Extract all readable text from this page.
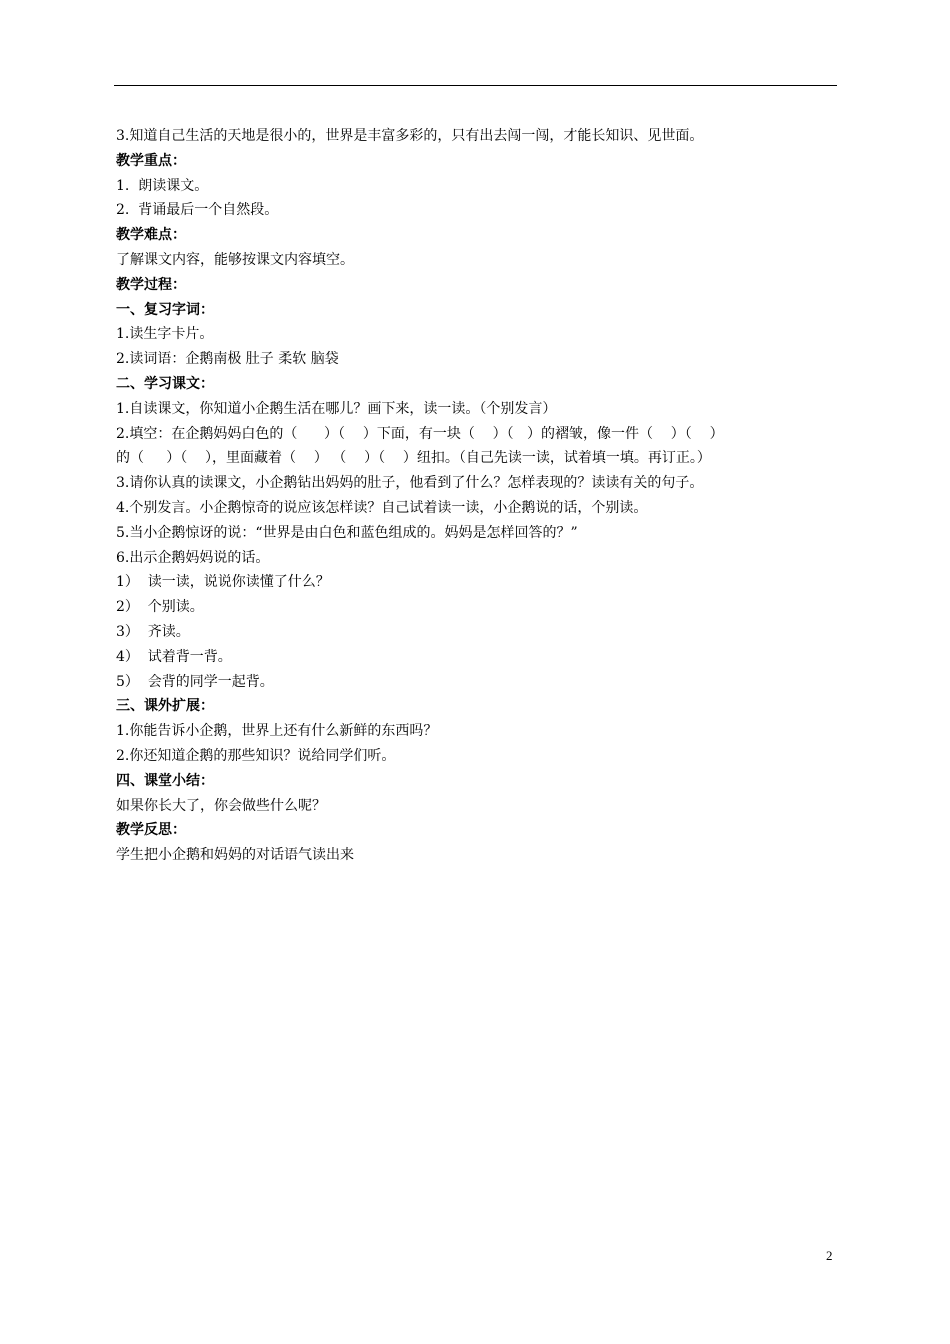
3.知道自己生活的天地是很小的，世界是丰富多彩的，只有出去闯一闯，才能长知识、见世面。
教学重点：
1.  朗读课文。
2.  背诵最后一个自然段。
教学难点：
了解课文内容，能够按课文内容填空。
教学过程：
一、复习字词：
1.读生字卡片。
2.读词语：企鹅南极 肚子 柔软 脑袋
二、学习课文：
1.自读课文，你知道小企鹅生活在哪儿？画下来，读一读。（个别发言）
2.填空：在企鹅妈妈白色的（      ）（    ）下面，有一块（    ）（   ）的褶皱，像一件（    ）（    ）
的（     ）（    ），里面藏着（    ） （    ）（    ）纽扣。（自己先读一读，试着填一填。再订正。）
3.请你认真的读课文，小企鹅钻出妈妈的肚子，他看到了什么？怎样表现的？读读有关的句子。
4.个别发言。小企鹅惊奇的说应该怎样读？自己试着读一读，小企鹅说的话，个别读。
5.当小企鹅惊讶的说：“世界是由白色和蓝色组成的。妈妈是怎样回答的？”
6.出示企鹅妈妈说的话。
1）  读一读，说说你读懂了什么？
2）  个别读。
3）  齐读。
4）  试着背一背。
5）  会背的同学一起背。
三、课外扩展：
1.你能告诉小企鹅，世界上还有什么新鲜的东西吗？
2.你还知道企鹅的那些知识？说给同学们听。
四、课堂小结：
如果你长大了，你会做些什么呢？
教学反思：
学生把小企鹅和妈妈的对话语气读出来
2
